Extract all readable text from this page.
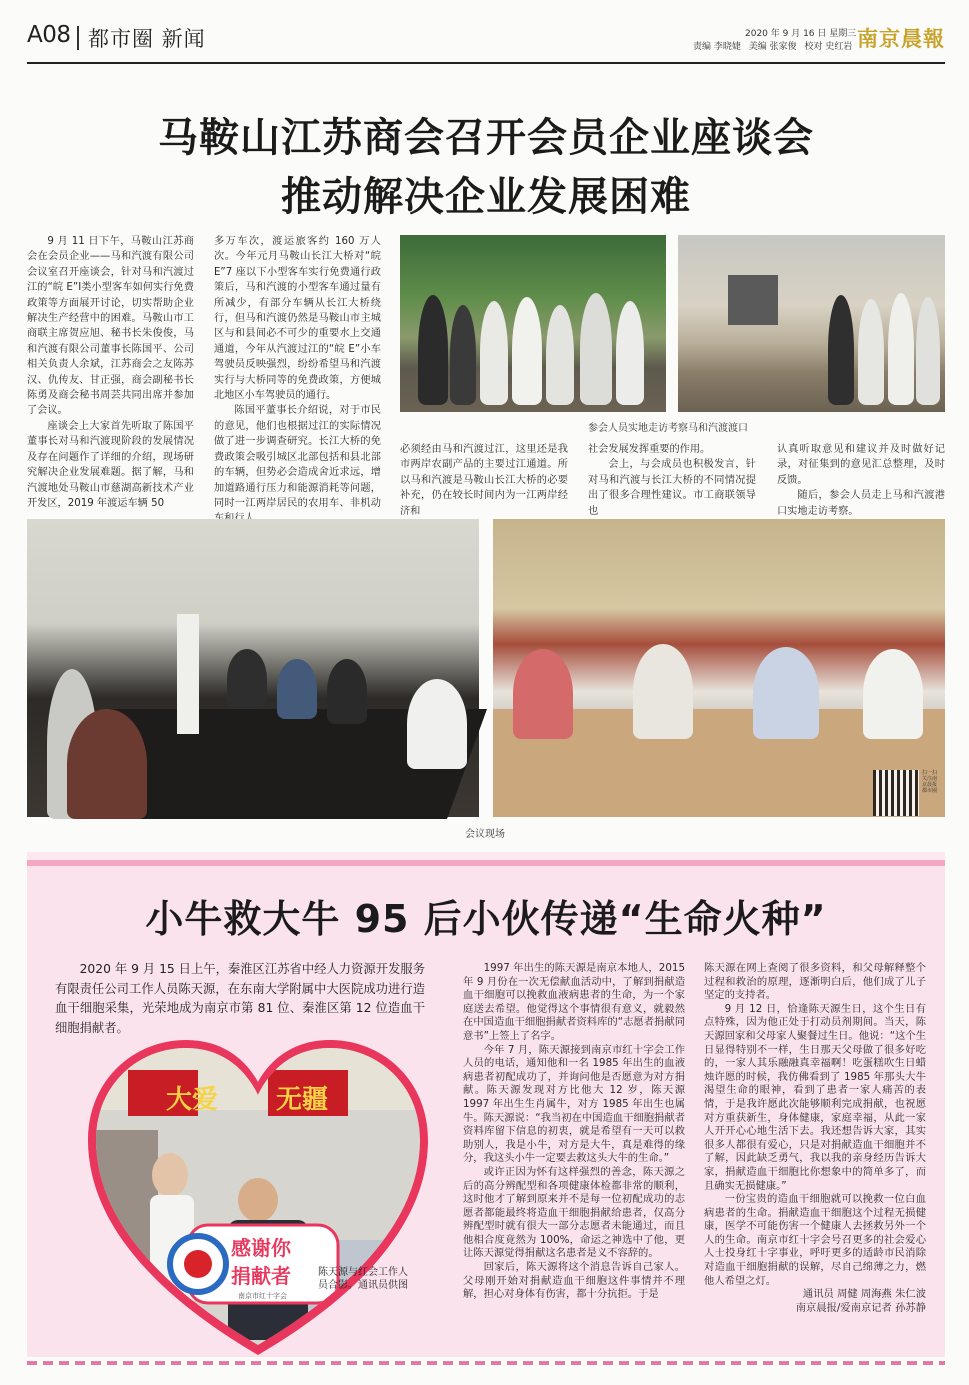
A08 都市圈 新闻	2020 年 9 月 16 日 星期三
责编 李晓婕 美编 张家俊 校对 史红岩 南京晨報
马鞍山江苏商会召开会员企业座谈会
推动解决企业发展困难

9 月 11 日下午，马鞍山江苏商会在会员企业——马和汽渡有限公司会议室召开座谈会，针对马和汽渡过江的“皖 E”Ⅰ类小型客车如何实行免费政策等方面展开讨论，切实帮助企业解决生产经营中的困难。马鞍山市工商联主席贺应旭、秘书长朱俊俊，马和汽渡有限公司董事长陈国平、公司相关负责人余斌，江苏商会之友陈苏汉、仇传友、甘正强，商会副秘书长陈勇及商会秘书周芸共同出席并参加了会议。

座谈会上大家首先听取了陈国平董事长对马和汽渡现阶段的发展情况及存在问题作了详细的介绍，现场研究解决企业发展难题。据了解，马和汽渡地处马鞍山市慈湖高新技术产业开发区，2019 年渡运车辆 50

多万车次，渡运旅客约 160 万人次。今年元月马鞍山长江大桥对“皖 E”7 座以下小型客车实行免费通行政策后，马和汽渡的小型客车通过量有所减少，有部分车辆从长江大桥绕行，但马和汽渡仍然是马鞍山市主城区与和县间必不可少的重要水上交通通道，今年从汽渡过江的“皖 E”小车驾驶员反映强烈，纷纷希望马和汽渡实行与大桥同等的免费政策，方便城北地区小车驾驶员的通行。

陈国平董事长介绍说，对于市民的意见，他们也根据过江的实际情况做了进一步调查研究。长江大桥的免费政策会吸引城区北部包括和县北部的车辆，但势必会造成舍近求远，增加道路通行压力和能源消耗等问题，同时一江两岸居民的农用车、非机动

参会人员实地走访考察马和汽渡渡口

必须经由马和汽渡过江，这里还是我市两岸农副产品的主要过江通道。所以马和汽渡是马鞍山长江大桥的必要补充，仍在较长时间内为一江两岸经济和

社会发展发挥重要的作用。

会上，与会成员也积极发言，针对马和汽渡与长江大桥的不同情况提出了很多合理性建议。市工商联领导也

认真听取意见和建议并及时做好记录，对征集到的意见汇总整理，及时反馈。

随后，参会人员走上马和汽渡港口实地走访考察。

扫一扫 关注南京晨报都市圈
会议现场
小牛救大牛 95 后小伙传递“生命火种”

2020 年 9 月 15 日上午，秦淮区江苏省中经人力资源开发服务有限责任公司工作人员陈天源，在东南大学附属中大医院成功进行造血干细胞采集，光荣地成为南京市第 81 位、秦淮区第 12 位造血干细胞捐献者。

大爱 无疆
感谢你
捐献者
南京市红十字会
陈天源与红会工作人员合影。通讯员供图

1997 年出生的陈天源是南京本地人，2015 年 9 月份在一次无偿献血活动中，了解到捐献造血干细胞可以挽救血液病患者的生命，为一个家庭送去希望。他觉得这个事情很有意义，就毅然在中国造血干细胞捐献者资料库的“志愿者捐献同意书”上签上了名字。

今年 7 月，陈天源接到南京市红十字会工作人员的电话，通知他和一名 1985 年出生的血液病患者初配成功了，并询问他是否愿意为对方捐献。陈天源发现对方比他大 12 岁，陈天源 1997 年出生生肖属牛，对方 1985 年出生也属牛。陈天源说：“我当初在中国造血干细胞捐献者资料库留下信息的初衷，就是希望有一天可以救助别人，我是小牛，对方是大牛，真是难得的缘分，我这头小牛一定要去救这头大牛的生命。”

或许正因为怀有这样强烈的善念，陈天源之后的高分辨配型和各项健康体检都非常的顺利，这时他才了解到原来并不是每一位初配成功的志愿者都能最终将造血干细胞捐献给患者，仅高分辨配型时就有很大一部分志愿者未能通过，而且他相合度竟然为 100%，命运之神选中了他，更让陈天源觉得捐献这名患者是义不容辞的。

回家后，陈天源将这个消息告诉自己家人。父母刚开始对捐献造血干细胞这件事情并不理解，担心对身体有伤害，都十分抗拒。于是

陈天源在网上查阅了很多资料，和父母解释整个过程和救治的原理，逐渐明白后，他们成了儿子坚定的支持者。

9 月 12 日，恰逢陈天源生日，这个生日有点特殊，因为他正处于打动员剂期间。当天，陈天源回家和父母家人聚餐过生日。他说：“这个生日显得特别不一样，生日那天父母做了很多好吃的，一家人其乐融融真幸福啊！吃蛋糕吹生日蜡烛许愿的时候，我仿佛看到了 1985 年那头大牛渴望生命的眼神，看到了患者一家人痛苦的表情，于是我许愿此次能够顺利完成捐献，也祝愿对方重获新生，身体健康，家庭幸福，从此一家人开开心心地生活下去。我还想告诉大家，其实很多人都很有爱心，只是对捐献造血干细胞并不了解，因此缺乏勇气，我以我的亲身经历告诉大家，捐献造血干细胞比你想象中的简单多了，而且确实无损健康。”

一份宝贵的造血干细胞就可以挽救一位白血病患者的生命。捐献造血干细胞这个过程无损健康，医学不可能伤害一个健康人去拯救另外一个人的生命。南京市红十字会号召更多的社会爱心人士投身红十字事业，呼吁更多的适龄市民消除对造血干细胞捐献的误解，尽自己绵薄之力，燃他人希望之灯。

通讯员 周健 周海燕 朱仁波

南京晨报/爱南京记者 孙苏静
